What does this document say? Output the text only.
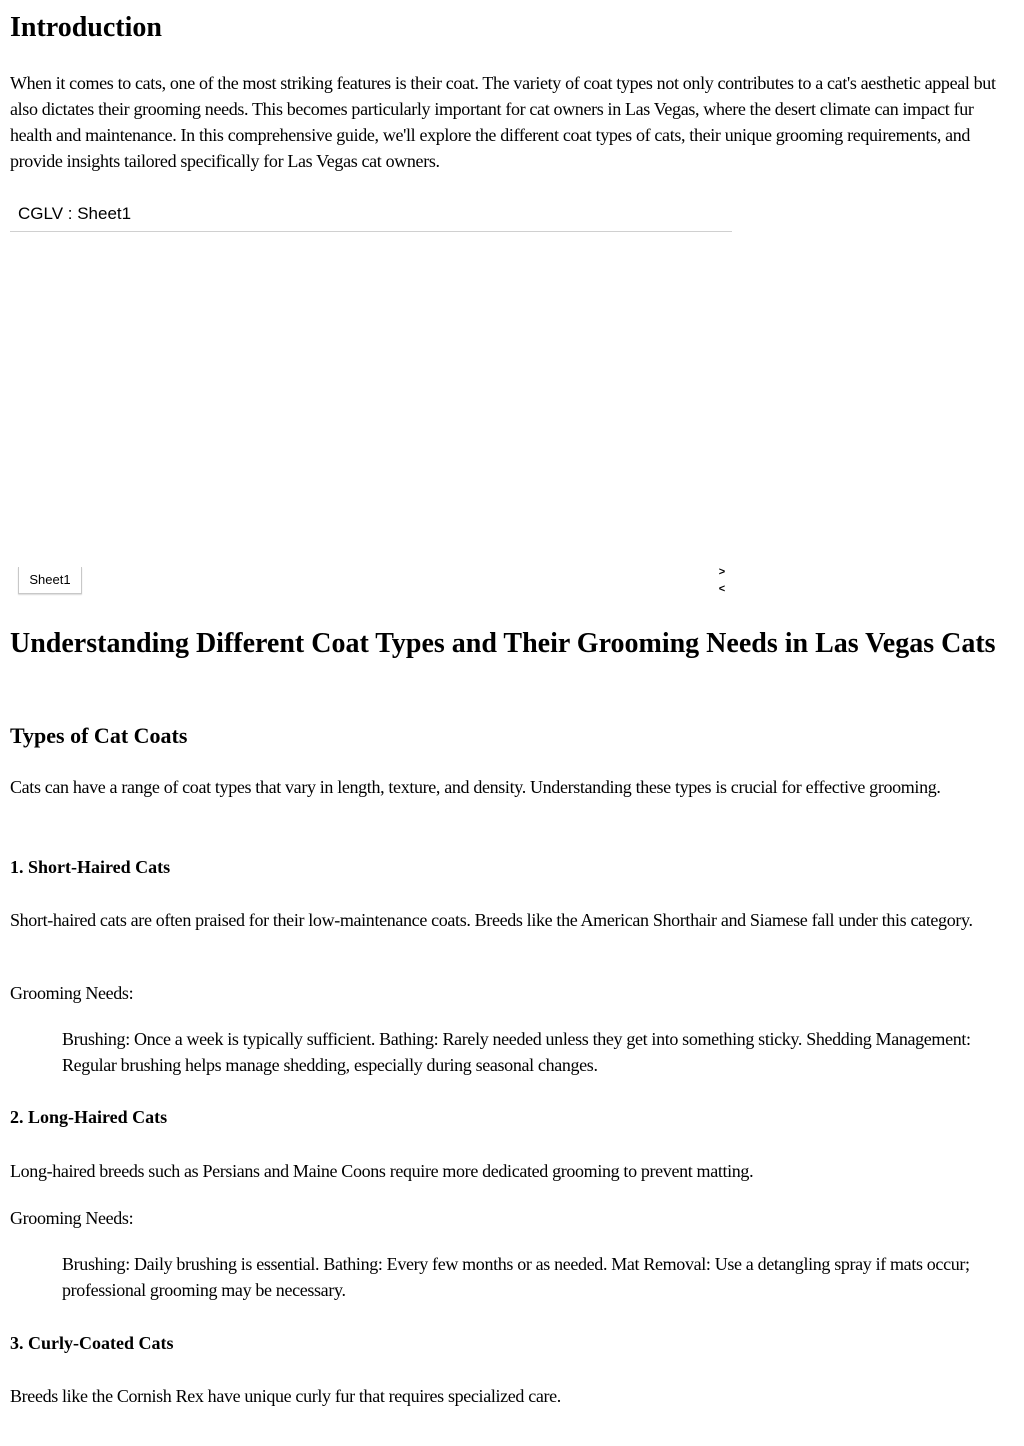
Introduction

When it comes to cats, one of the most striking features is their coat. The variety of coat types not only contributes to a cat's aesthetic appeal but also dictates their grooming needs. This becomes particularly important for cat owners in Las Vegas, where the desert climate can impact fur health and maintenance. In this comprehensive guide, we'll explore the different coat types of cats, their unique grooming requirements, and provide insights tailored specifically for Las Vegas cat owners.

CGLV : Sheet1
Sheet1	>
<
Understanding Different Coat Types and Their Grooming Needs in Las Vegas Cats
Types of Cat Coats

Cats can have a range of coat types that vary in length, texture, and density. Understanding these types is crucial for effective grooming.

1. Short-Haired Cats

Short-haired cats are often praised for their low-maintenance coats. Breeds like the American Shorthair and Siamese fall under this category.

Grooming Needs:

Brushing: Once a week is typically sufficient. Bathing: Rarely needed unless they get into something sticky. Shedding Management: Regular brushing helps manage shedding, especially during seasonal changes.

2. Long-Haired Cats

Long-haired breeds such as Persians and Maine Coons require more dedicated grooming to prevent matting.

Grooming Needs:

Brushing: Daily brushing is essential. Bathing: Every few months or as needed. Mat Removal: Use a detangling spray if mats occur; professional grooming may be necessary.

3. Curly-Coated Cats

Breeds like the Cornish Rex have unique curly fur that requires specialized care.
